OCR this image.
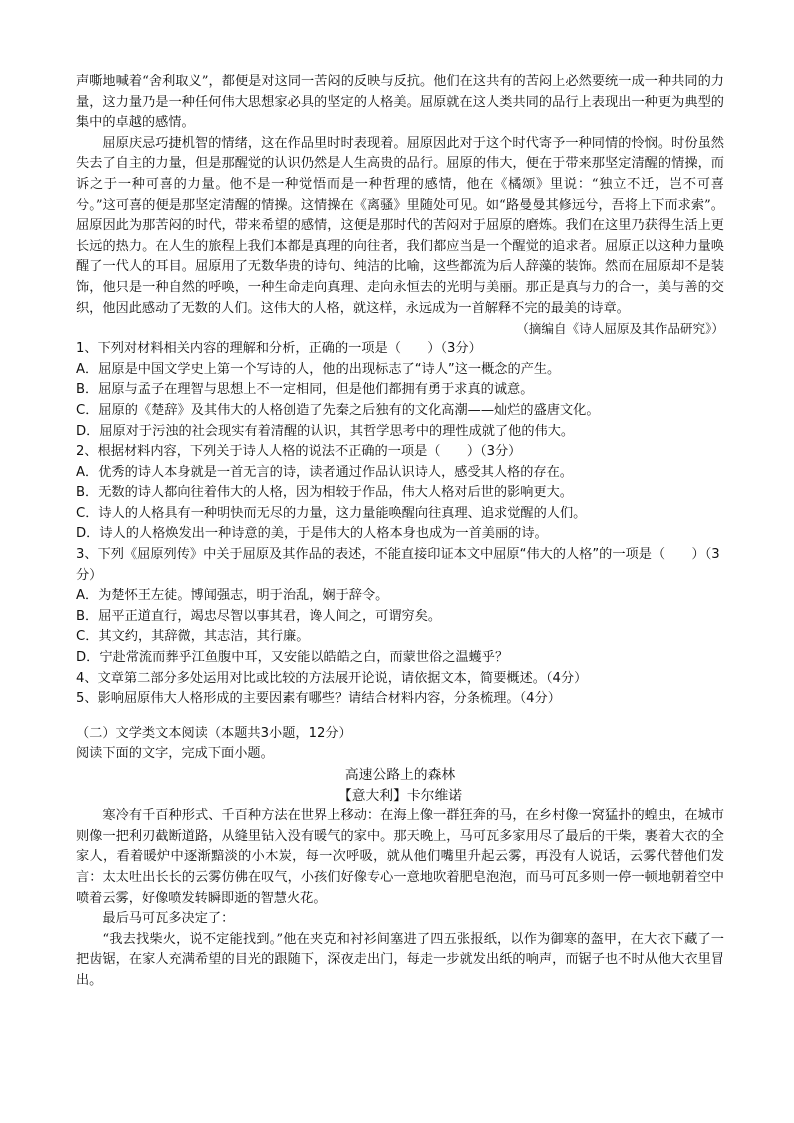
声嘶地喊着“舍利取义”，都便是对这同一苦闷的反映与反抗。他们在这共有的苦闷上必然要统一成一种共同的力量，这力量乃是一种任何伟大思想家必具的坚定的人格美。屈原就在这人类共同的品行上表现出一种更为典型的集中的卓越的感情。

屈原庆忌巧捷机智的情绪，这在作品里时时表现着。屈原因此对于这个时代寄予一种同情的怜悯。时份虽然失去了自主的力量，但是那醒觉的认识仍然是人生高贵的品行。屈原的伟大，便在于带来那坚定清醒的情操，而诉之于一种可喜的力量。他不是一种觉悟而是一种哲理的感情，他在《橘颂》里说：“独立不迁，岂不可喜兮。”这可喜的便是那坚定清醒的情操。这情操在《离骚》里随处可见。如“路曼曼其修远兮，吾将上下而求索”。屈原因此为那苦闷的时代，带来希望的感情，这便是那时代的苦闷对于屈原的磨炼。我们在这里乃获得生活上更长远的热力。在人生的旅程上我们本都是真理的向往者，我们都应当是一个醒觉的追求者。屈原正以这种力量唤醒了一代人的耳目。屈原用了无数华贵的诗句、纯洁的比喻，这些都流为后人辞藻的装饰。然而在屈原却不是装饰，他只是一种自然的呼唤，一种生命走向真理、走向永恒去的光明与美丽。那正是真与力的合一，美与善的交织，他因此感动了无数的人们。这伟大的人格，就这样，永远成为一首解释不完的最美的诗章。

（摘编自《诗人屈原及其作品研究》）

1、下列对材料相关内容的理解和分析，正确的一项是（　　）（3分）

A．屈原是中国文学史上第一个写诗的人，他的出现标志了“诗人”这一概念的产生。

B．屈原与孟子在理智与思想上不一定相同，但是他们都拥有勇于求真的诚意。

C．屈原的《楚辞》及其伟大的人格创造了先秦之后独有的文化高潮——灿烂的盛唐文化。

D．屈原对于污浊的社会现实有着清醒的认识，其哲学思考中的理性成就了他的伟大。

2、根据材料内容，下列关于诗人人格的说法不正确的一项是（　　）（3分）

A．优秀的诗人本身就是一首无言的诗，读者通过作品认识诗人，感受其人格的存在。

B．无数的诗人都向往着伟大的人格，因为相较于作品，伟大人格对后世的影响更大。

C．诗人的人格具有一种明快而无尽的力量，这力量能唤醒向往真理、追求觉醒的人们。

D．诗人的人格焕发出一种诗意的美，于是伟大的人格本身也成为一首美丽的诗。

3、下列《屈原列传》中关于屈原及其作品的表述，不能直接印证本文中屈原“伟大的人格”的一项是（　　）（3分）

A．为楚怀王左徒。博闻强志，明于治乱，娴于辞令。

B．屈平正道直行，竭忠尽智以事其君，谗人间之，可谓穷矣。

C．其文约，其辞微，其志洁，其行廉。

D．宁赴常流而葬乎江鱼腹中耳，又安能以皓皓之白，而蒙世俗之温蠖乎？

4、文章第二部分多处运用对比或比较的方法展开论说，请依据文本，简要概述。（4分）

5、影响屈原伟大人格形成的主要因素有哪些？请结合材料内容，分条梳理。（4分）

（二）文学类文本阅读（本题共3小题，12分）

阅读下面的文字，完成下面小题。

高速公路上的森林

【意大利】卡尔维诺

寒冷有千百种形式、千百种方法在世界上移动：在海上像一群狂奔的马，在乡村像一窝猛扑的蝗虫，在城市则像一把利刃截断道路，从缝里钻入没有暖气的家中。那天晚上，马可瓦多家用尽了最后的干柴，裹着大衣的全家人，看着暖炉中逐渐黯淡的小木炭，每一次呼吸，就从他们嘴里升起云雾，再没有人说话，云雾代替他们发言：太太吐出长长的云雾仿佛在叹气，小孩们好像专心一意地吹着肥皂泡泡，而马可瓦多则一停一顿地朝着空中喷着云雾，好像喷发转瞬即逝的智慧火花。

最后马可瓦多决定了：

“我去找柴火，说不定能找到。”他在夹克和衬衫间塞进了四五张报纸，以作为御寒的盔甲，在大衣下藏了一把齿锯，在家人充满希望的目光的跟随下，深夜走出门，每走一步就发出纸的响声，而锯子也不时从他大衣里冒出。
